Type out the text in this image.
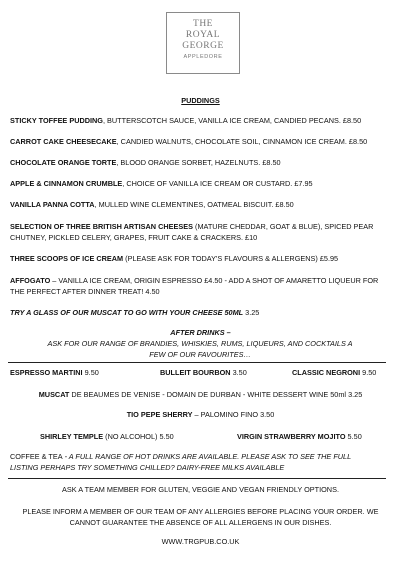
THE
ROYAL
GEORGE
APPLEDORE
PUDDINGS
STICKY TOFFEE PUDDING, BUTTERSCOTCH SAUCE, VANILLA ICE CREAM, CANDIED PECANS. £8.50
CARROT CAKE CHEESECAKE, CANDIED WALNUTS, CHOCOLATE SOIL, CINNAMON ICE CREAM. £8.50
CHOCOLATE ORANGE TORTE, BLOOD ORANGE SORBET, HAZELNUTS. £8.50
APPLE & CINNAMON CRUMBLE, CHOICE OF VANILLA ICE CREAM OR CUSTARD. £7.95
VANILLA PANNA COTTA, MULLED WINE CLEMENTINES, OATMEAL BISCUIT. £8.50
SELECTION OF THREE BRITISH ARTISAN CHEESES (MATURE CHEDDAR, GOAT & BLUE), SPICED PEAR CHUTNEY, PICKLED CELERY, GRAPES, FRUIT CAKE & CRACKERS. £10
THREE SCOOPS OF ICE CREAM (PLEASE ASK FOR TODAY'S FLAVOURS & ALLERGENS) £5.95
AFFOGATO – VANILLA ICE CREAM, ORIGIN ESPRESSO £4.50 - ADD A SHOT OF AMARETTO LIQUEUR FOR THE PERFECT AFTER DINNER TREAT! 4.50
TRY A GLASS OF OUR MUSCAT TO GO WITH YOUR CHEESE 50ML 3.25
AFTER DRINKS –
ASK FOR OUR RANGE OF BRANDIES, WHISKIES, RUMS, LIQUEURS, AND COCKTAILS A FEW OF OUR FAVOURITES…
ESPRESSO MARTINI 9.50	BULLEIT BOURBON 3.50	CLASSIC NEGRONI 9.50
MUSCAT DE BEAUMES DE VENISE - DOMAIN DE DURBAN - WHITE DESSERT WINE 50ml 3.25
TIO PEPE SHERRY – PALOMINO FINO 3.50
SHIRLEY TEMPLE (NO ALCOHOL) 5.50	VIRGIN STRAWBERRY MOJITO 5.50
COFFEE & TEA - A FULL RANGE OF HOT DRINKS ARE AVAILABLE. PLEASE ASK TO SEE THE FULL LISTING PERHAPS TRY SOMETHING CHILLED? DAIRY-FREE MILKS AVAILABLE
ASK A TEAM MEMBER FOR GLUTEN, VEGGIE AND VEGAN FRIENDLY OPTIONS.
PLEASE INFORM A MEMBER OF OUR TEAM OF ANY ALLERGIES BEFORE PLACING YOUR ORDER. WE CANNOT GUARANTEE THE ABSENCE OF ALL ALLERGENS IN OUR DISHES.
WWW.TRGPUB.CO.UK
